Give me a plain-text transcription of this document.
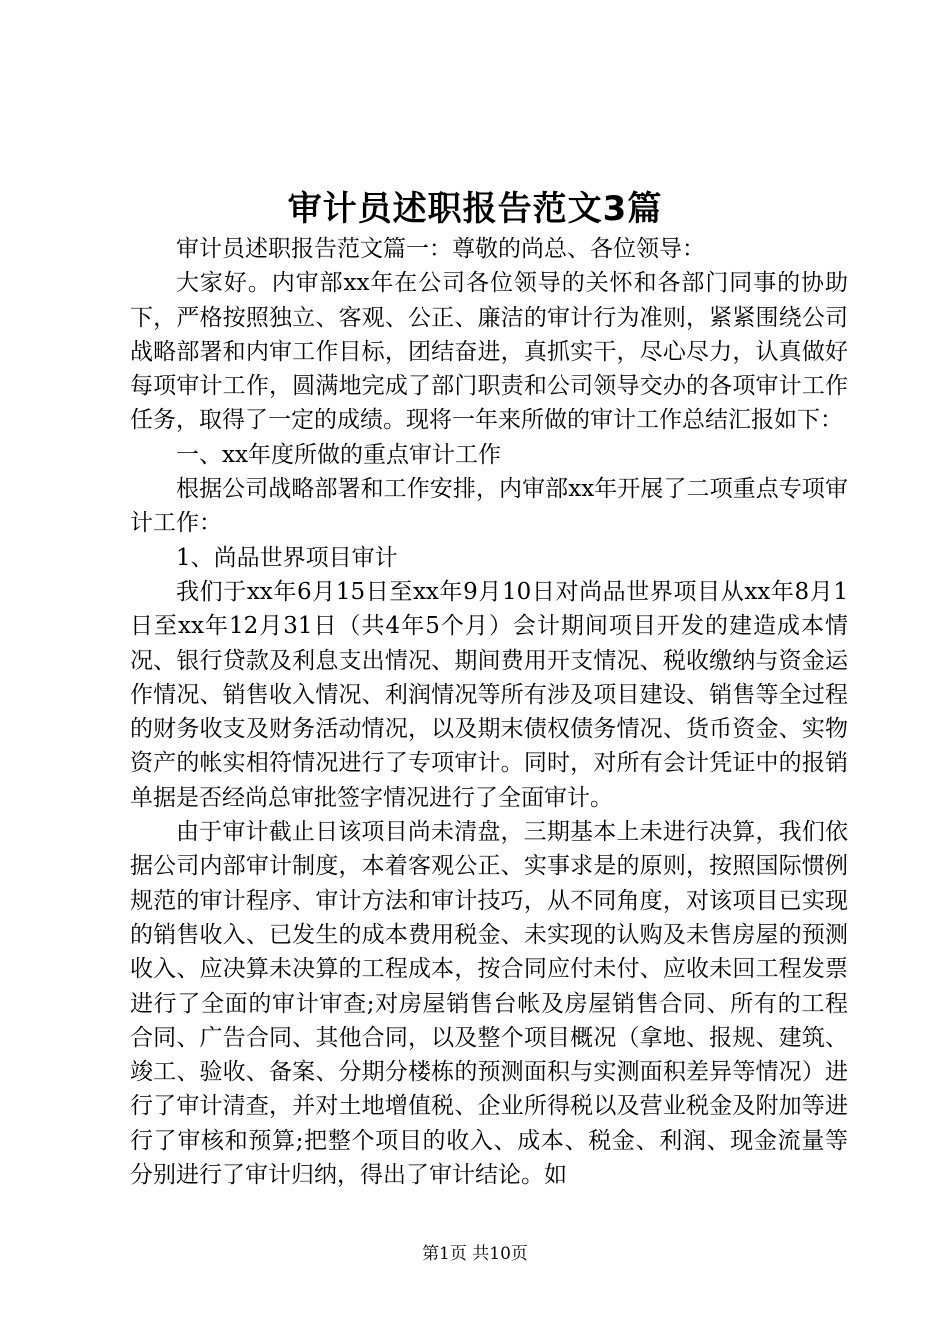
审计员述职报告范文3篇

审计员述职报告范文篇一：尊敬的尚总、各位领导：

大家好。内审部xx年在公司各位领导的关怀和各部门同事的协助下，严格按照独立、客观、公正、廉洁的审计行为准则，紧紧围绕公司战略部署和内审工作目标，团结奋进，真抓实干，尽心尽力，认真做好每项审计工作，圆满地完成了部门职责和公司领导交办的各项审计工作任务，取得了一定的成绩。现将一年来所做的审计工作总结汇报如下：

一、xx年度所做的重点审计工作

根据公司战略部署和工作安排，内审部xx年开展了二项重点专项审计工作：

1、尚品世界项目审计

我们于xx年6月15日至xx年9月10日对尚品世界项目从xx年8月1日至xx年12月31日（共4年5个月）会计期间项目开发的建造成本情况、银行贷款及利息支出情况、期间费用开支情况、税收缴纳与资金运作情况、销售收入情况、利润情况等所有涉及项目建设、销售等全过程的财务收支及财务活动情况，以及期末债权债务情况、货币资金、实物资产的帐实相符情况进行了专项审计。同时，对所有会计凭证中的报销单据是否经尚总审批签字情况进行了全面审计。

由于审计截止日该项目尚未清盘，三期基本上未进行决算，我们依据公司内部审计制度，本着客观公正、实事求是的原则，按照国际惯例规范的审计程序、审计方法和审计技巧，从不同角度，对该项目已实现的销售收入、已发生的成本费用税金、未实现的认购及未售房屋的预测收入、应决算未决算的工程成本，按合同应付未付、应收未回工程发票进行了全面的审计审查;对房屋销售台帐及房屋销售合同、所有的工程合同、广告合同、其他合同，以及整个项目概况（拿地、报规、建筑、竣工、验收、备案、分期分楼栋的预测面积与实测面积差异等情况）进行了审计清查，并对土地增值税、企业所得税以及营业税金及附加等进行了审核和预算;把整个项目的收入、成本、税金、利润、现金流量等分别进行了审计归纳，得出了审计结论。如

第1页 共10页
